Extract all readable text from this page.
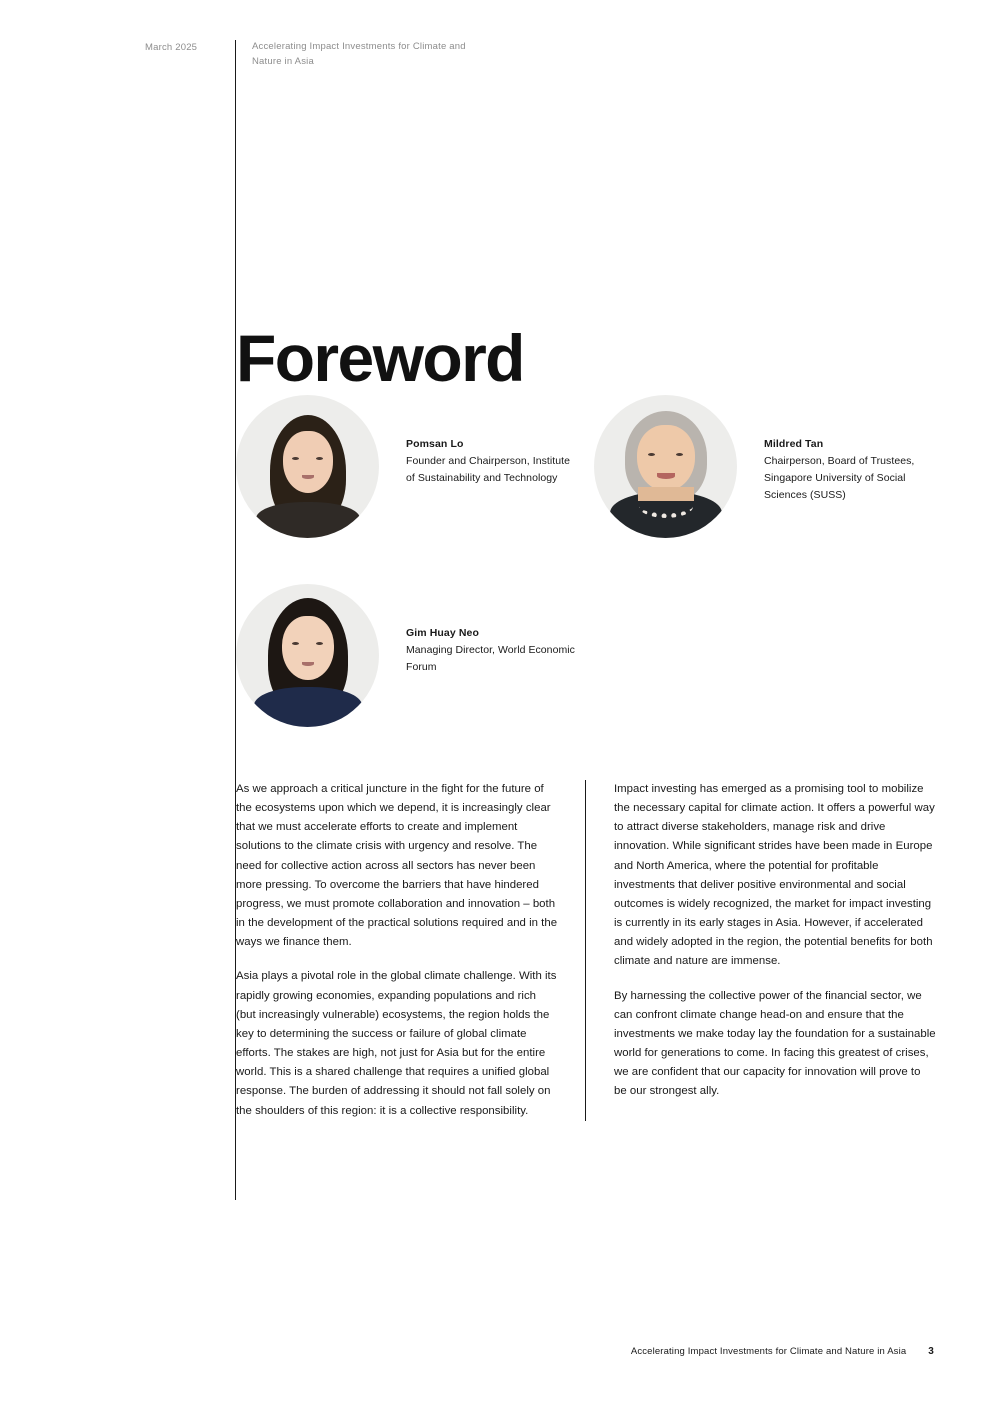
March 2025	Accelerating Impact Investments for Climate and Nature in Asia
Foreword
Pomsan Lo
Founder and Chairperson, Institute of Sustainability and Technology
Mildred Tan
Chairperson, Board of Trustees, Singapore University of Social Sciences (SUSS)
Gim Huay Neo
Managing Director, World Economic Forum

As we approach a critical juncture in the fight for the future of the ecosystems upon which we depend, it is increasingly clear that we must accelerate efforts to create and implement solutions to the climate crisis with urgency and resolve. The need for collective action across all sectors has never been more pressing. To overcome the barriers that have hindered progress, we must promote collaboration and innovation – both in the development of the practical solutions required and in the ways we finance them.

Asia plays a pivotal role in the global climate challenge. With its rapidly growing economies, expanding populations and rich (but increasingly vulnerable) ecosystems, the region holds the key to determining the success or failure of global climate efforts. The stakes are high, not just for Asia but for the entire world. This is a shared challenge that requires a unified global response. The burden of addressing it should not fall solely on the shoulders of this region: it is a collective responsibility.

Impact investing has emerged as a promising tool to mobilize the necessary capital for climate action. It offers a powerful way to attract diverse stakeholders, manage risk and drive innovation. While significant strides have been made in Europe and North America, where the potential for profitable investments that deliver positive environmental and social outcomes is widely recognized, the market for impact investing is currently in its early stages in Asia. However, if accelerated and widely adopted in the region, the potential benefits for both climate and nature are immense.

By harnessing the collective power of the financial sector, we can confront climate change head-on and ensure that the investments we make today lay the foundation for a sustainable world for generations to come. In facing this greatest of crises, we are confident that our capacity for innovation will prove to be our strongest ally.

Accelerating Impact Investments for Climate and Nature in Asia 3
